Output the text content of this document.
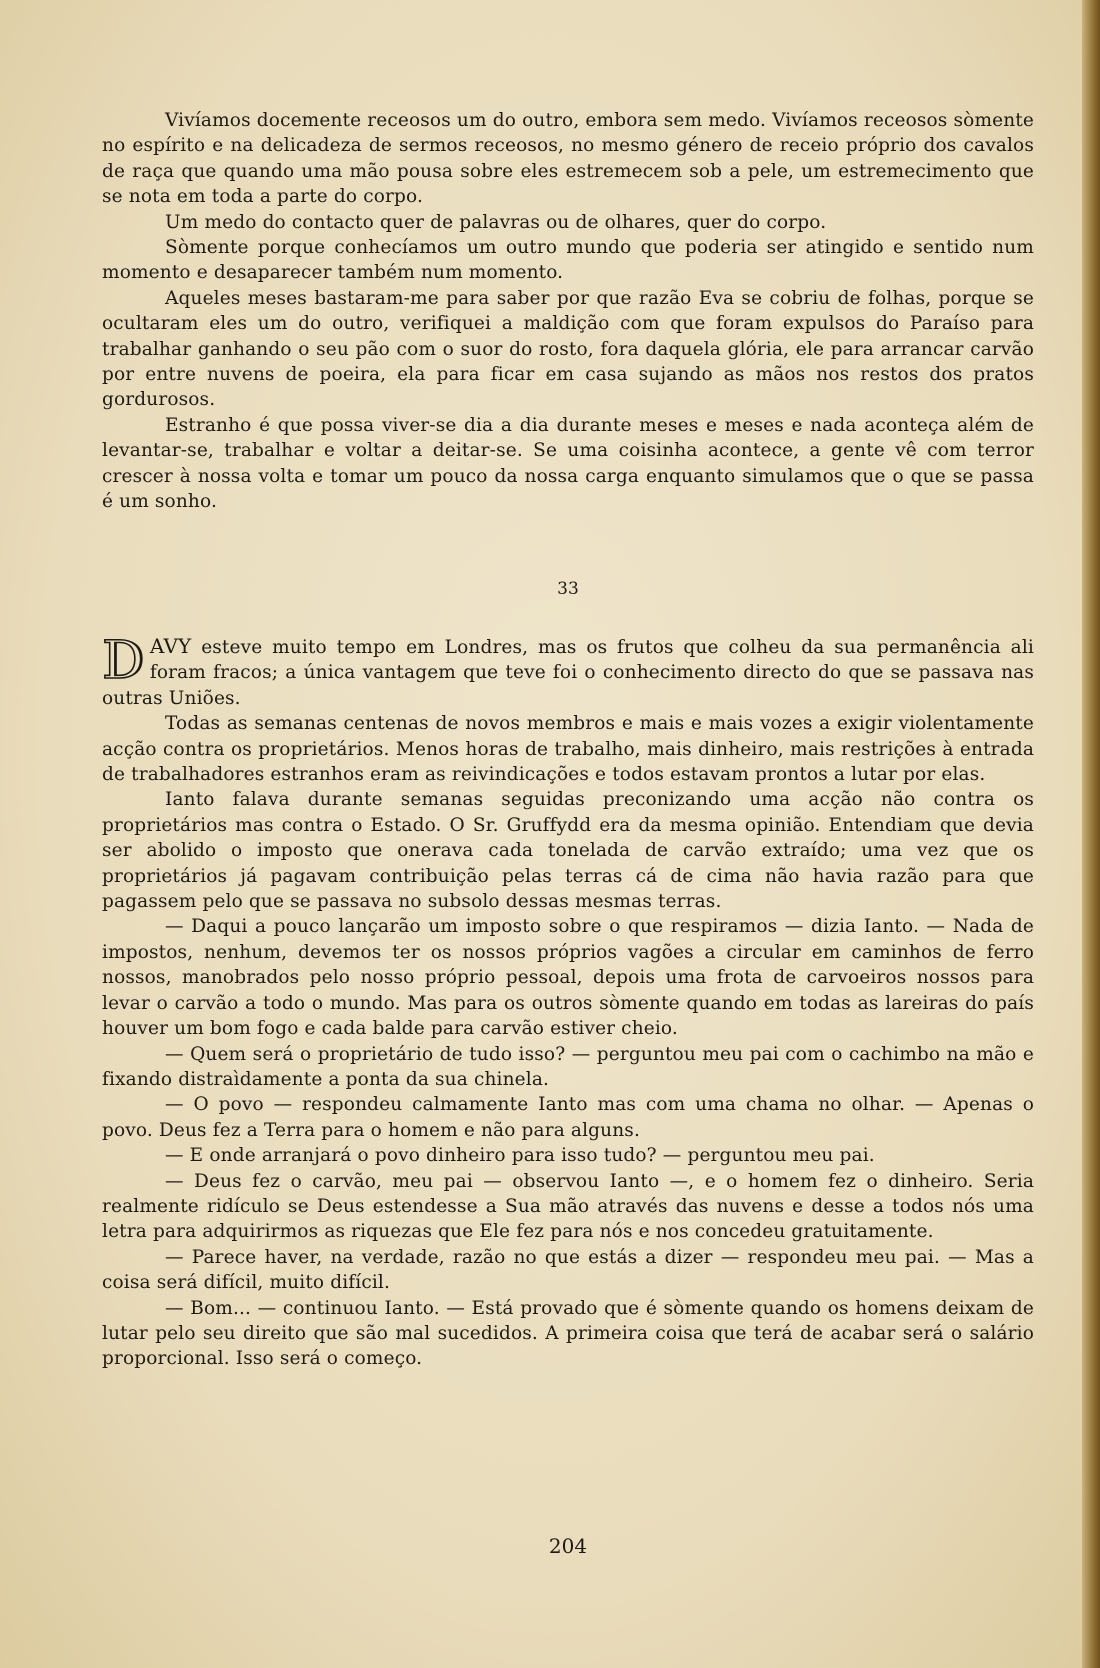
Vivíamos docemente receosos um do outro, embora sem medo. Vivíamos receosos sòmente no espírito e na delicadeza de sermos receosos, no mesmo género de receio próprio dos cavalos de raça que quando uma mão pousa sobre eles estremecem sob a pele, um estremecimento que se nota em toda a parte do corpo.

Um medo do contacto quer de palavras ou de olhares, quer do corpo.

Sòmente porque conhecíamos um outro mundo que poderia ser atingido e sentido num momento e desaparecer também num momento.

Aqueles meses bastaram-me para saber por que razão Eva se cobriu de folhas, porque se ocultaram eles um do outro, verifiquei a maldição com que foram expulsos do Paraíso para trabalhar ganhando o seu pão com o suor do rosto, fora daquela glória, ele para arrancar carvão por entre nuvens de poeira, ela para ficar em casa sujando as mãos nos restos dos pratos gordurosos.

Estranho é que possa viver-se dia a dia durante meses e meses e nada aconteça além de levantar-se, trabalhar e voltar a deitar-se. Se uma coisinha acontece, a gente vê com terror crescer à nossa volta e tomar um pouco da nossa carga enquanto simulamos que o que se passa é um sonho.

33

DAVY esteve muito tempo em Londres, mas os frutos que colheu da sua permanência ali foram fracos; a única vantagem que teve foi o conhecimento directo do que se passava nas outras Uniões.

Todas as semanas centenas de novos membros e mais e mais vozes a exigir violentamente acção contra os proprietários. Menos horas de trabalho, mais dinheiro, mais restrições à entrada de trabalhadores estranhos eram as reivindicações e todos estavam prontos a lutar por elas.

Ianto falava durante semanas seguidas preconizando uma acção não contra os proprietários mas contra o Estado. O Sr. Gruffydd era da mesma opinião. Entendiam que devia ser abolido o imposto que onerava cada tonelada de carvão extraído; uma vez que os proprietários já pagavam contribuição pelas terras cá de cima não havia razão para que pagassem pelo que se passava no subsolo dessas mesmas terras.

— Daqui a pouco lançarão um imposto sobre o que respiramos — dizia Ianto. — Nada de impostos, nenhum, devemos ter os nossos próprios vagões a circular em caminhos de ferro nossos, manobrados pelo nosso próprio pessoal, depois uma frota de carvoeiros nossos para levar o carvão a todo o mundo. Mas para os outros sòmente quando em todas as lareiras do país houver um bom fogo e cada balde para carvão estiver cheio.

— Quem será o proprietário de tudo isso? — perguntou meu pai com o cachimbo na mão e fixando distraìdamente a ponta da sua chinela.

— O povo — respondeu calmamente Ianto mas com uma chama no olhar. — Apenas o povo. Deus fez a Terra para o homem e não para alguns.

— E onde arranjará o povo dinheiro para isso tudo? — perguntou meu pai.

— Deus fez o carvão, meu pai — observou Ianto —, e o homem fez o dinheiro. Seria realmente ridículo se Deus estendesse a Sua mão através das nuvens e desse a todos nós uma letra para adquirirmos as riquezas que Ele fez para nós e nos concedeu gratuitamente.

— Parece haver, na verdade, razão no que estás a dizer — respondeu meu pai. — Mas a coisa será difícil, muito difícil.

— Bom... — continuou Ianto. — Está provado que é sòmente quando os homens deixam de lutar pelo seu direito que são mal sucedidos. A primeira coisa que terá de acabar será o salário proporcional. Isso será o começo.

204
